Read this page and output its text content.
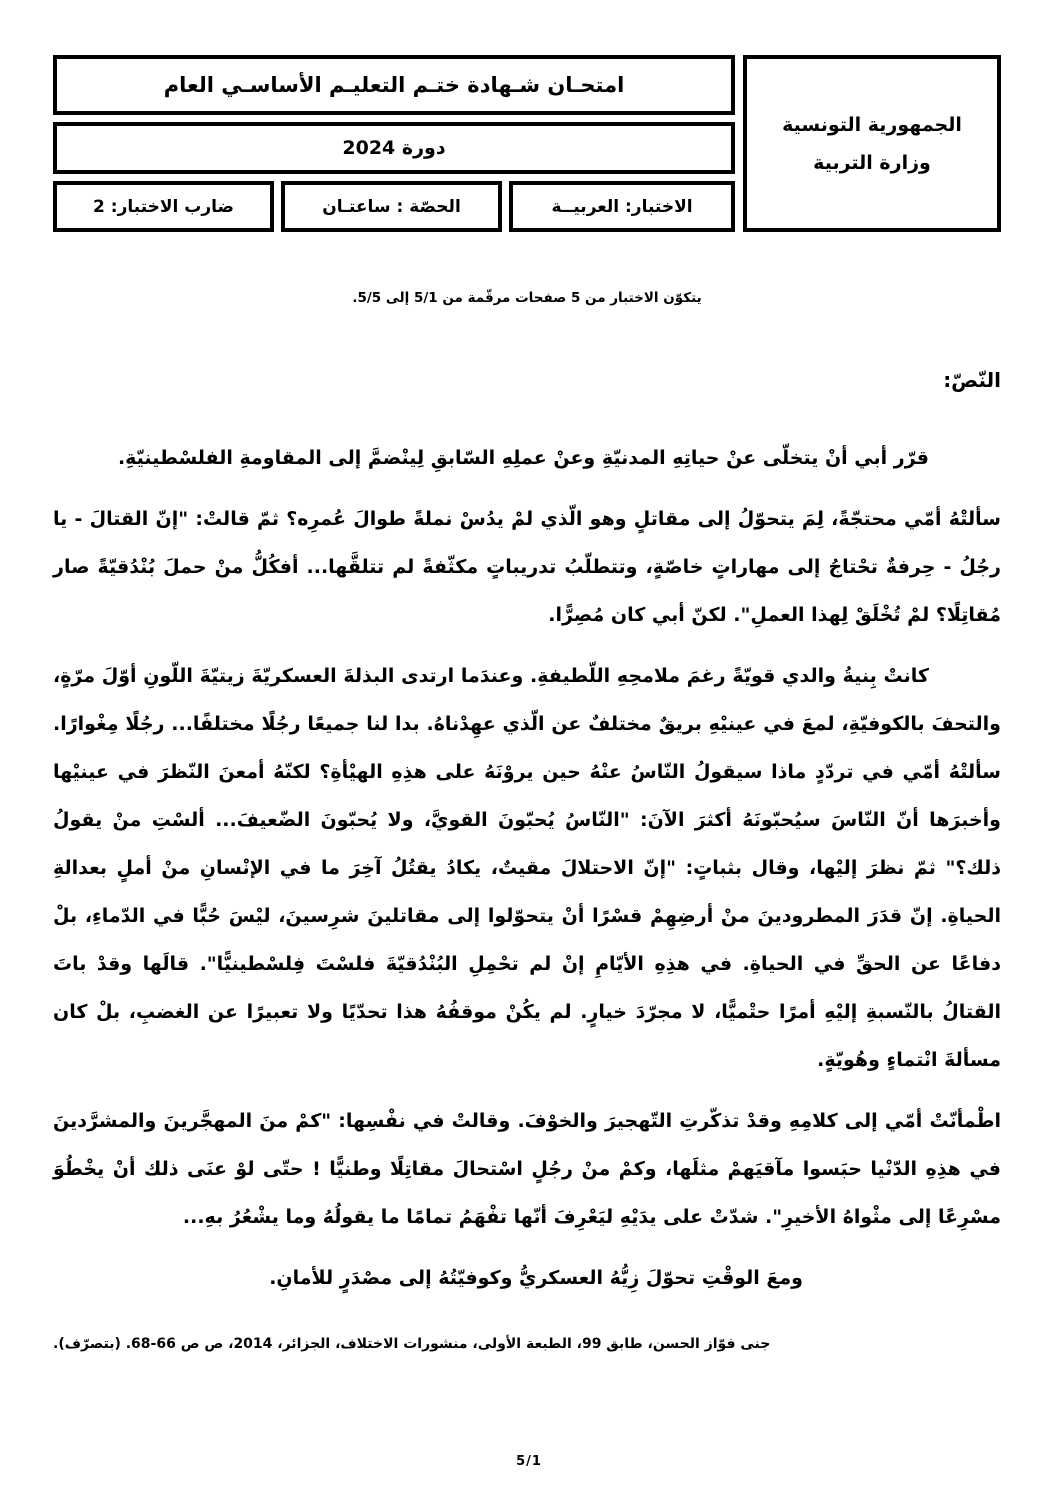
الجمهورية التونسية
وزارة التربية
امتحـان شـهادة ختـم التعليـم الأساسـي العام
دورة 2024
الاختبار: العربيــة
الحصّة : ساعتـان
ضارب الاختبار: 2
يتكوّن الاختبار من 5 صفحات مرقّمة من 5/1 إلى 5/5.
النّصّ:

قرّر أبي أنْ يتخلّى عنْ حياتِهِ المدنيّةِ وعنْ عملِهِ السّابقِ لِينْضمَّ إلى المقاومةِ الفلسْطينيّةِ.

سألتْهُ أمّي محتجّةً، لِمَ يتحوّلُ إلى مقاتلٍ وهو الّذي لمْ يدُسْ نملةً طوالَ عُمرِه؟ ثمّ قالتْ: "إنّ القتالَ - يا رجُلُ - حِرفةٌ تحْتاجُ إلى مهاراتٍ خاصّةٍ، وتتطلّبُ تدريباتٍ مكثّفةً لم تتلقَّها... أفكُلُّ منْ حملَ بُنْدُقيّةً صار مُقاتِلًا؟ لمْ تُخْلَقْ لِهذا العملِ". لكنّ أبي كان مُصِرًّا.

كانتْ بِنيةُ والدي قويّةً رغمَ ملامحِهِ اللّطيفةِ. وعندَما ارتدى البذلةَ العسكريّةَ زيتيّةَ اللّونِ أوّلَ مرّةٍ، والتحفَ بالكوفيّةِ، لمعَ في عينيْهِ بريقٌ مختلفٌ عن الّذي عهِدْناهُ. بدا لنا جميعًا رجُلًا مختلفًا... رجُلًا مِغْوارًا. سألتْهُ أمّي في تردّدٍ ماذا سيقولُ النّاسُ عنْهُ حين يروْنَهُ على هذِهِ الهيْأةِ؟ لكنّهُ أمعنَ النّظرَ في عينيْها وأخبرَها أنّ النّاسَ سيُحبّونَهُ أكثرَ الآنَ: "النّاسُ يُحبّونَ القويَّ، ولا يُحبّونَ الضّعيفَ... ألسْتِ منْ يقولُ ذلك؟" ثمّ نظرَ إليْها، وقال بثباتٍ: "إنّ الاحتلالَ مقيتٌ، يكادُ يقتُلُ آخِرَ ما في الإنْسانِ منْ أملٍ بعدالةِ الحياةِ. إنّ قدَرَ المطرودينَ منْ أرضِهِمْ قسْرًا أنْ يتحوّلوا إلى مقاتلينَ شرِسينَ، ليْسَ حُبًّا في الدّماءِ، بلْ دفاعًا عن الحقِّ في الحياةِ. في هذِهِ الأيّامِ إنْ لم تحْمِلِ البُنْدُقيّةَ فلسْتَ فِلسْطينيًّا". قالَها وقدْ باتَ القتالُ بالنّسبةِ إليْهِ أمرًا حتْميًّا، لا مجرّدَ خيارٍ. لم يكُنْ موقفُهُ هذا تحدّيًا ولا تعبيرًا عن الغضبِ، بلْ كان مسألةَ انْتماءٍ وهُويّةٍ.

اطْمأنّتْ أمّي إلى كلامِهِ وقدْ تذكّرتِ التّهجيرَ والخوْفَ. وقالتْ في نفْسِها: "كمْ منَ المهجَّرينَ والمشرَّدينَ في هذِهِ الدّنْيا حبَسوا مآقيَهمْ مثلَها، وكمْ منْ رجُلٍ اسْتحالَ مقاتِلًا وطنيًّا ! حتّى لوْ عنَى ذلك أنْ يخْطُوَ مسْرِعًا إلى مثْواهُ الأخيرِ". شدّتْ على يدَيْهِ ليَعْرِفَ أنّها تفْهَمُ تمامًا ما يقولُهُ وما يشْعُرُ بهِ...

ومعَ الوقْتِ تحوّلَ زِيُّهُ العسكريُّ وكوفيّتُهُ إلى مصْدَرٍ للأمانِ.

جنى فوّاز الحسن، طابق 99، الطبعة الأولى، منشورات الاختلاف، الجزائر، 2014، ص ص 66-68. (بتصرّف).
5/1
